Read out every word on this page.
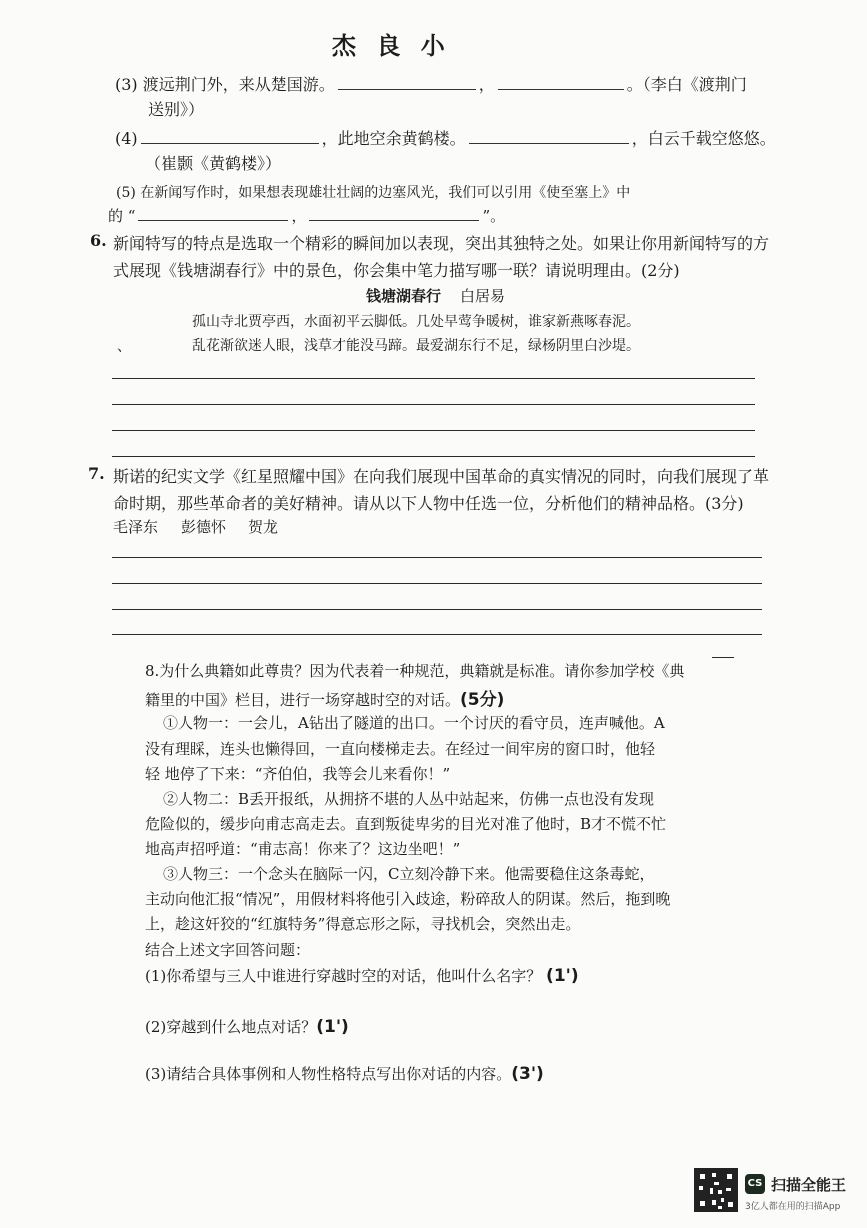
杰 良 小
(3) 渡远荆门外，来从楚国游。	，	。（李白《渡荆门
送别》）
(4)	，此地空余黄鹤楼。	，白云千载空悠悠。
（崔颢《黄鹤楼》）
(5) 在新闻写作时，如果想表现雄壮壮阔的边塞风光，我们可以引用《使至塞上》中
的 “	，	”。
6. 新闻特写的特点是选取一个精彩的瞬间加以表现，突出其独特之处。如果让你用新闻特写的方
式展现《钱塘湖春行》中的景色，你会集中笔力描写哪一联？请说明理由。(2分)
钱塘湖春行 白居易
孤山寺北贾亭西，水面初平云脚低。几处早莺争暖树，谁家新燕啄春泥。
、	乱花渐欲迷人眼，浅草才能没马蹄。最爱湖东行不足，绿杨阴里白沙堤。
7. 斯诺的纪实文学《红星照耀中国》在向我们展现中国革命的真实情况的同时，向我们展现了革
命时期，那些革命者的美好精神。请从以下人物中任选一位，分析他们的精神品格。(3分)
毛泽东 彭德怀 贺龙
8.为什么典籍如此尊贵？因为代表着一种规范，典籍就是标准。请你参加学校《典
籍里的中国》栏目，进行一场穿越时空的对话。(5分)
①人物一：一会儿，A钻出了隧道的出口。一个讨厌的看守员，连声喊他。A
没有理睬，连头也懒得回，一直向楼梯走去。在经过一间牢房的窗口时，他轻
轻 地停了下来：“齐伯伯，我等会儿来看你！”
②人物二：B丢开报纸，从拥挤不堪的人丛中站起来，仿佛一点也没有发现
危险似的，缓步向甫志高走去。直到叛徒卑劣的目光对准了他时，B才不慌不忙
地高声招呼道：“甫志高！你来了？这边坐吧！”
③人物三：一个念头在脑际一闪，C立刻冷静下来。他需要稳住这条毒蛇，
主动向他汇报“情况”，用假材料将他引入歧途，粉碎敌人的阴谋。然后，拖到晚
上，趁这奸狡的“红旗特务”得意忘形之际，寻找机会，突然出走。
结合上述文字回答问题：
(1)你希望与三人中谁进行穿越时空的对话，他叫什么名字？ (1')
(2)穿越到什么地点对话？(1')
(3)请结合具体事例和人物性格特点写出你对话的内容。(3')
CS 扫描全能王
3亿人都在用的扫描App
